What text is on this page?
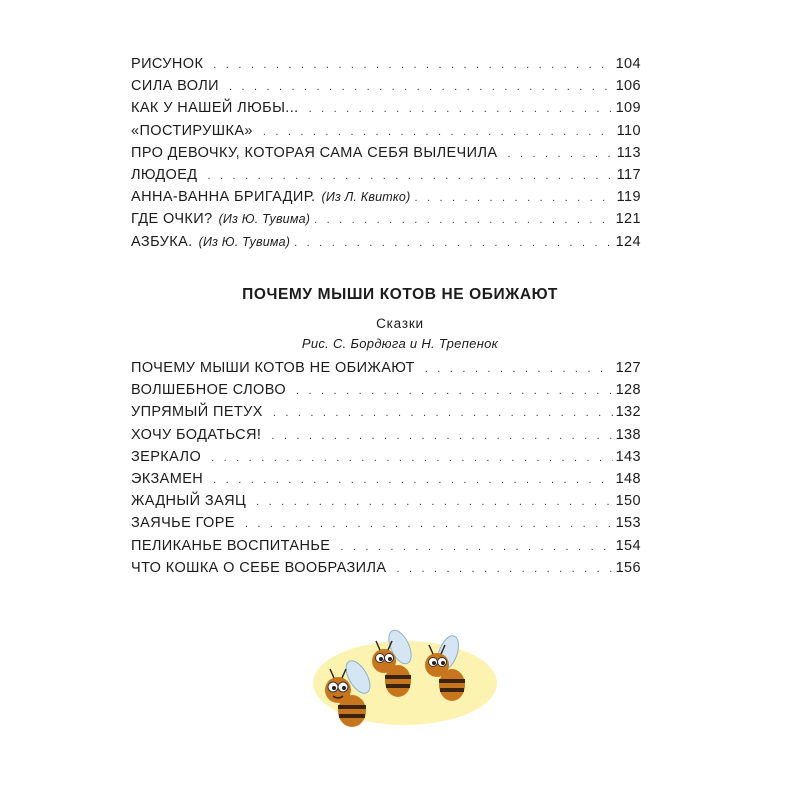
РИСУНОК . . .	104
СИЛА ВОЛИ . . .	106
КАК У НАШЕЙ ЛЮБЫ... . . .	109
«ПОСТИРУШКА» . . .	110
ПРО ДЕВОЧКУ, КОТОРАЯ САМА СЕБЯ ВЫЛЕЧИЛА . . .	113
ЛЮДОЕД . . .	117
АННА-ВАННА БРИГАДИР. (Из Л. Квитко) . . .	119
ГДЕ ОЧКИ? (Из Ю. Тувима) . . .	121
АЗБУКА. (Из Ю. Тувима) . . .	124
ПОЧЕМУ МЫШИ КОТОВ НЕ ОБИЖАЮТ
Сказки
Рис. С. Бордюга и Н. Трепенок
ПОЧЕМУ МЫШИ КОТОВ НЕ ОБИЖАЮТ . . .	127
ВОЛШЕБНОЕ СЛОВО . . .	128
УПРЯМЫЙ ПЕТУХ . . .	132
ХОЧУ БОДАТЬСЯ! . . .	138
ЗЕРКАЛО . . .	143
ЭКЗАМЕН . . .	148
ЖАДНЫЙ ЗАЯЦ . . .	150
ЗАЯЧЬЕ ГОРЕ . . .	153
ПЕЛИКАНЬЕ ВОСПИТАНЬЕ . . .	154
ЧТО КОШКА О СЕБЕ ВООБРАЗИЛА . . .	156
